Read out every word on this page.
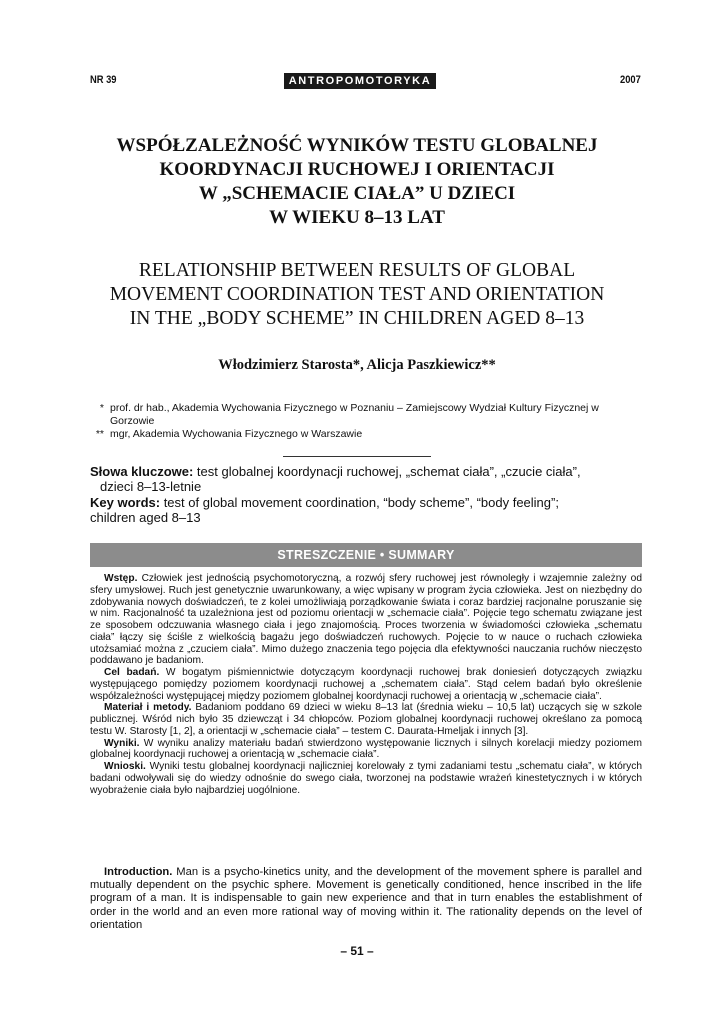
NR 39	ANTROPOMOTORYKA	2007
WSPÓŁZALEŻNOŚĆ WYNIKÓW TESTU GLOBALNEJ
KOORDYNACJI RUCHOWEJ I ORIENTACJI
W „SCHEMACIE CIAŁA” U DZIECI
W WIEKU 8–13 LAT
RELATIONSHIP BETWEEN RESULTS OF GLOBAL
MOVEMENT COORDINATION TEST AND ORIENTATION
IN THE „BODY SCHEME” IN CHILDREN AGED 8–13
Włodzimierz Starosta*, Alicja Paszkiewicz**
* prof. dr hab., Akademia Wychowania Fizycznego w Poznaniu – Zamiejscowy Wydział Kultury Fizycznej w Gorzowie
** mgr, Akademia Wychowania Fizycznego w Warszawie
Słowa kluczowe: test globalnej koordynacji ruchowej, „schemat ciała”, „czucie ciała”,
dzieci 8–13-letnie
Key words: test of global movement coordination, “body scheme”, “body feeling”;
children aged 8–13
STRESZCZENIE • SUMMARY

Wstęp. Człowiek jest jednością psychomotoryczną, a rozwój sfery ruchowej jest równoległy i wzajemnie zależny od sfery umysłowej. Ruch jest genetycznie uwarunkowany, a więc wpisany w program życia człowieka. Jest on niezbędny do zdobywania nowych doświadczeń, te z kolei umożliwiają porządkowanie świata i coraz bardziej racjonalne poruszanie się w nim. Racjonalność ta uzależniona jest od poziomu orientacji w „schemacie ciała”. Pojęcie tego schematu związane jest ze sposobem odczuwania własnego ciała i jego znajomością. Proces tworzenia w świadomości człowieka „schematu ciała” łączy się ściśle z wielkością bagażu jego doświadczeń ruchowych. Pojęcie to w nauce o ruchach człowieka utożsamiać można z „czuciem ciała”. Mimo dużego znaczenia tego pojęcia dla efektywności nauczania ruchów nieczęsto poddawano je badaniom.

Cel badań. W bogatym piśmiennictwie dotyczącym koordynacji ruchowej brak doniesień dotyczących związku występującego pomiędzy poziomem koordynacji ruchowej a „schematem ciała”. Stąd celem badań było określenie współzależności występującej między poziomem globalnej koordynacji ruchowej a orientacją w „schemacie ciała”.

Materiał i metody. Badaniom poddano 69 dzieci w wieku 8–13 lat (średnia wieku – 10,5 lat) uczących się w szkole publicznej. Wśród nich było 35 dziewcząt i 34 chłopców. Poziom globalnej koordynacji ruchowej określano za pomocą testu W. Starosty [1, 2], a orientacji w „schemacie ciała” – testem C. Daurata-Hmeljak i innych [3].

Wyniki. W wyniku analizy materiału badań stwierdzono występowanie licznych i silnych korelacji miedzy poziomem globalnej koordynacji ruchowej a orientacją w „schemacie ciała”.

Wnioski. Wyniki testu globalnej koordynacji najliczniej korelowały z tymi zadaniami testu „schematu ciała”, w których badani odwoływali się do wiedzy odnośnie do swego ciała, tworzonej na podstawie wrażeń kinestetycznych i w których wyobrażenie ciała było najbardziej uogólnione.

Introduction. Man is a psycho-kinetics unity, and the development of the movement sphere is parallel and mutually dependent on the psychic sphere. Movement is genetically conditioned, hence inscribed in the life program of a man. It is indispensable to gain new experience and that in turn enables the establishment of order in the world and an even more rational way of moving within it. The rationality depends on the level of orientation

– 51 –
